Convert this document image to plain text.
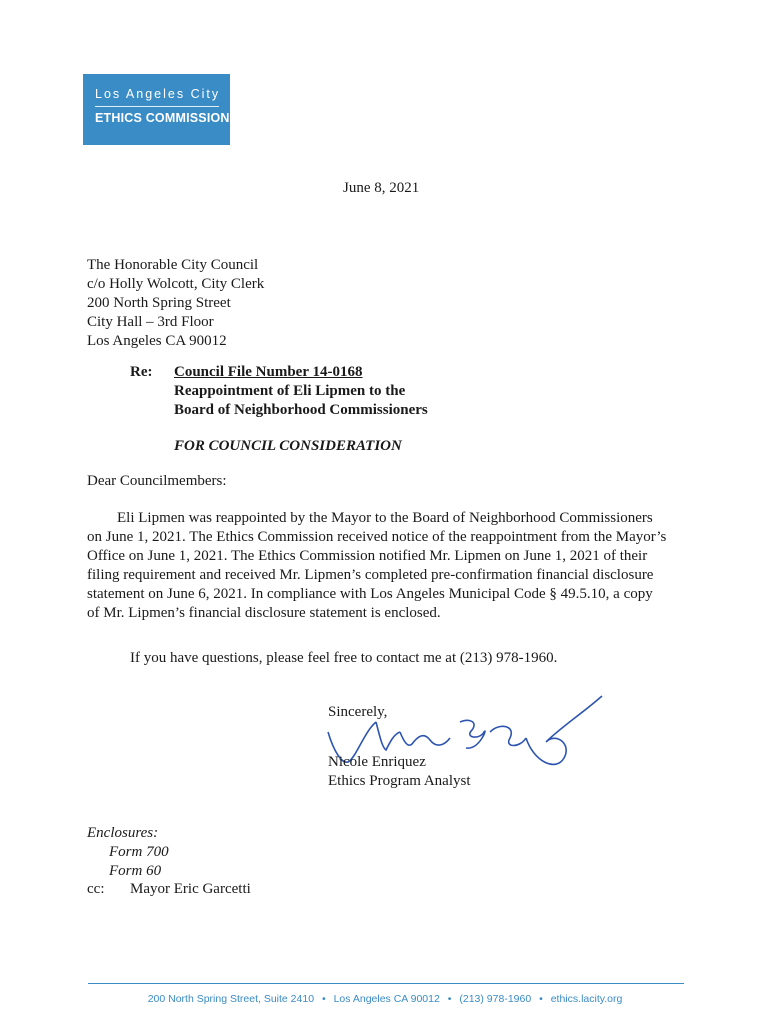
Los Angeles City
ETHICS COMMISSION
June 8, 2021
The Honorable City Council
c/o Holly Wolcott, City Clerk
200 North Spring Street
City Hall – 3rd Floor
Los Angeles CA 90012
Re: Council File Number 14-0168
Reappointment of Eli Lipmen to the
Board of Neighborhood Commissioners
FOR COUNCIL CONSIDERATION
Dear Councilmembers:
Eli Lipmen was reappointed by the Mayor to the Board of Neighborhood Commissioners
on June 1, 2021. The Ethics Commission received notice of the reappointment from the Mayor’s
Office on June 1, 2021. The Ethics Commission notified Mr. Lipmen on June 1, 2021 of their
filing requirement and received Mr. Lipmen’s completed pre-confirmation financial disclosure
statement on June 6, 2021. In compliance with Los Angeles Municipal Code § 49.5.10, a copy
of Mr. Lipmen’s financial disclosure statement is enclosed.
If you have questions, please feel free to contact me at (213) 978-1960.
Sincerely,
Nicole Enriquez
Ethics Program Analyst
Enclosures:
Form 700
Form 60
cc: Mayor Eric Garcetti
200 North Spring Street, Suite 2410 • Los Angeles CA 90012 • (213) 978-1960 • ethics.lacity.org
